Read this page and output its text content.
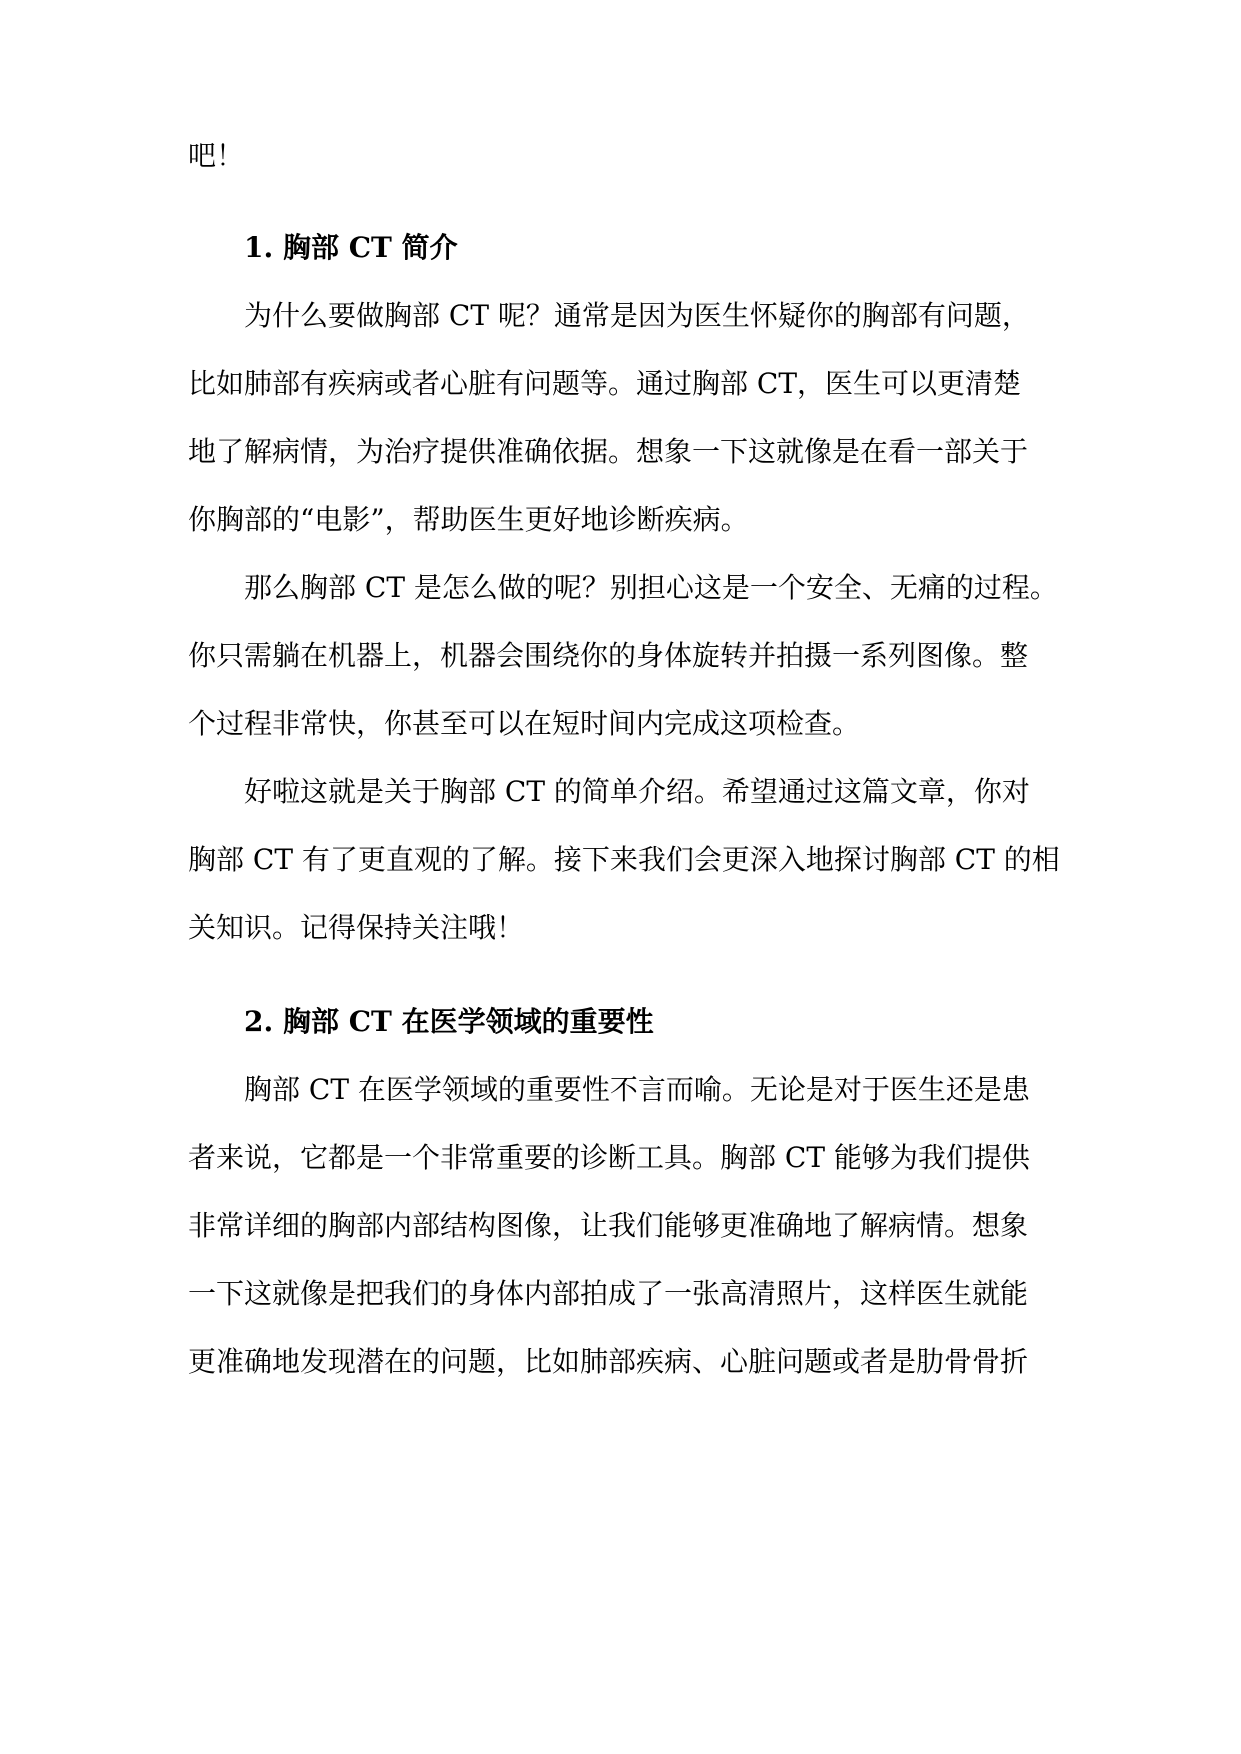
吧！
1. 胸部 CT 简介
为什么要做胸部 CT 呢？通常是因为医生怀疑你的胸部有问题，
比如肺部有疾病或者心脏有问题等。通过胸部 CT，医生可以更清楚
地了解病情，为治疗提供准确依据。想象一下这就像是在看一部关于
你胸部的“电影”，帮助医生更好地诊断疾病。
那么胸部 CT 是怎么做的呢？别担心这是一个安全、无痛的过程。
你只需躺在机器上，机器会围绕你的身体旋转并拍摄一系列图像。整
个过程非常快，你甚至可以在短时间内完成这项检查。
好啦这就是关于胸部 CT 的简单介绍。希望通过这篇文章，你对
胸部 CT 有了更直观的了解。接下来我们会更深入地探讨胸部 CT 的相
关知识。记得保持关注哦！
2. 胸部 CT 在医学领域的重要性
胸部 CT 在医学领域的重要性不言而喻。无论是对于医生还是患
者来说，它都是一个非常重要的诊断工具。胸部 CT 能够为我们提供
非常详细的胸部内部结构图像，让我们能够更准确地了解病情。想象
一下这就像是把我们的身体内部拍成了一张高清照片，这样医生就能
更准确地发现潜在的问题，比如肺部疾病、心脏问题或者是肋骨骨折
